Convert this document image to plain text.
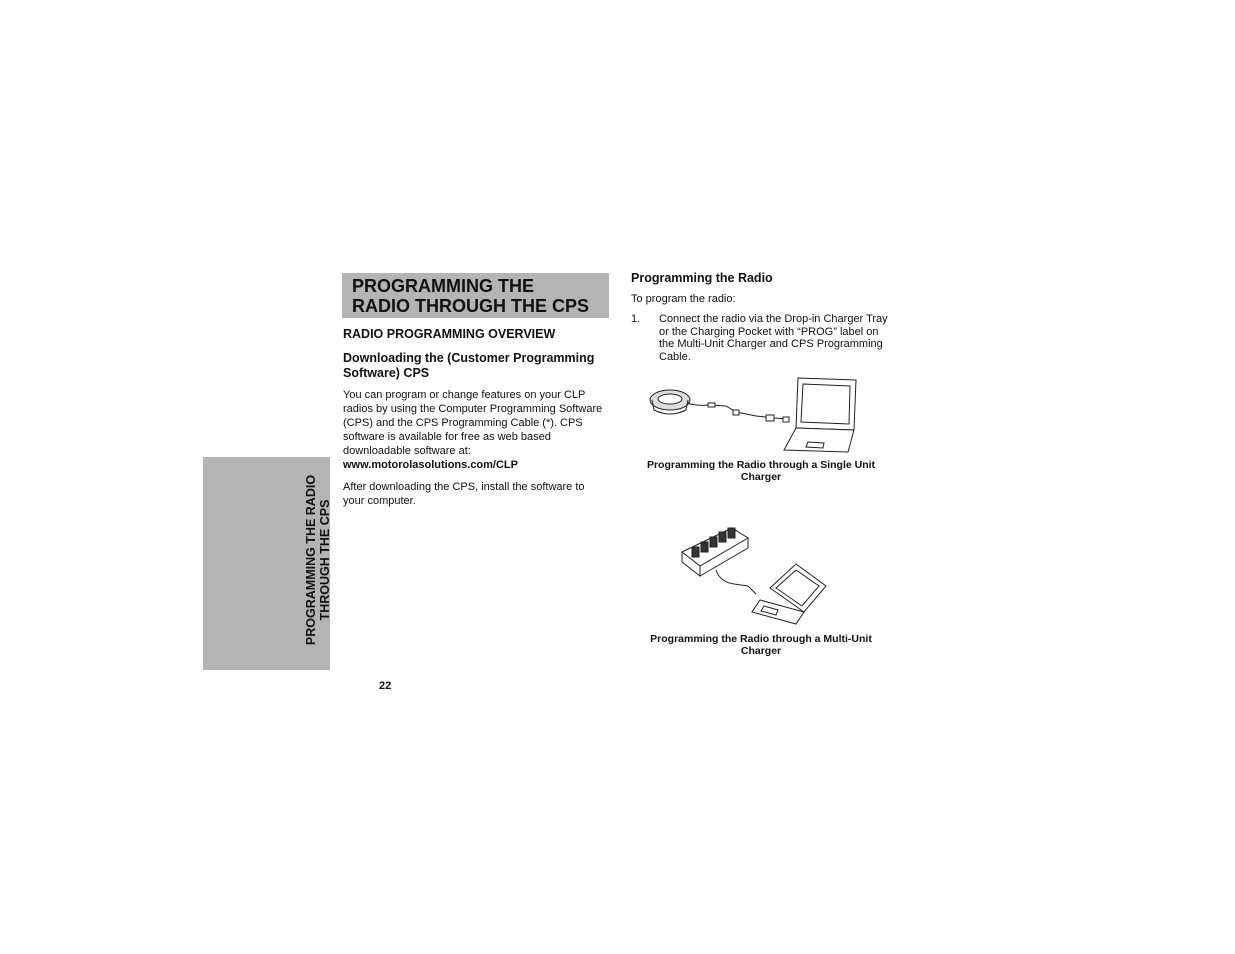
PROGRAMMING THE RADIO THROUGH THE CPS
PROGRAMMING THE
RADIO THROUGH THE CPS
RADIO PROGRAMMING OVERVIEW
Downloading the (Customer Programming Software) CPS

You can program or change features on your CLP radios by using the Computer Programming Software (CPS) and the CPS Programming Cable (*). CPS software is available for free as web based downloadable software at:
www.motorolasolutions.com/CLP

After downloading the CPS, install the software to your computer.

Programming the Radio

To program the radio:

1. Connect the radio via the Drop-in Charger Tray or the Charging Pocket with “PROG” label on the Multi-Unit Charger and CPS Programming Cable.
Programming the Radio through a Single Unit
Charger
Programming the Radio through a Multi-Unit
Charger
22
